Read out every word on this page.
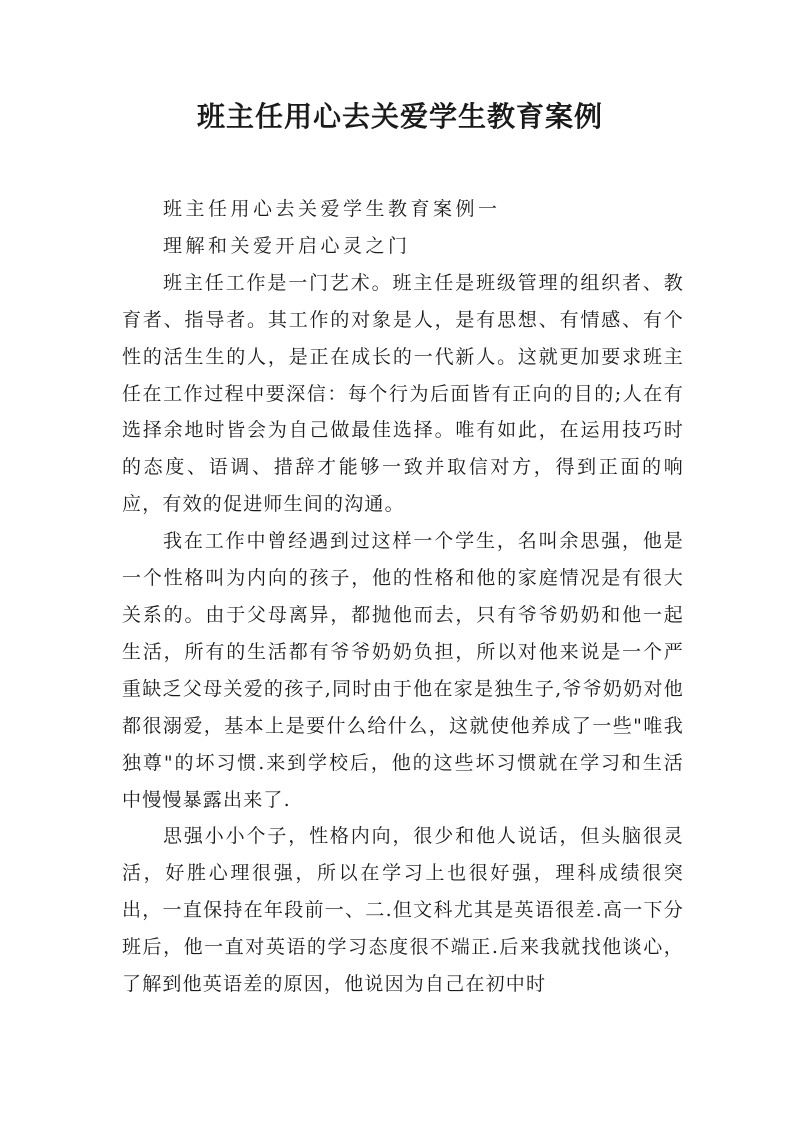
班主任用心去关爱学生教育案例

班主任用心去关爱学生教育案例一

理解和关爱开启心灵之门

班主任工作是一门艺术。班主任是班级管理的组织者、教育者、指导者。其工作的对象是人，是有思想、有情感、有个性的活生生的人，是正在成长的一代新人。这就更加要求班主任在工作过程中要深信：每个行为后面皆有正向的目的;人在有选择余地时皆会为自己做最佳选择。唯有如此，在运用技巧时的态度、语调、措辞才能够一致并取信对方，得到正面的响应，有效的促进师生间的沟通。

我在工作中曾经遇到过这样一个学生，名叫余思强，他是一个性格叫为内向的孩子，他的性格和他的家庭情况是有很大关系的。由于父母离异，都抛他而去，只有爷爷奶奶和他一起生活，所有的生活都有爷爷奶奶负担，所以对他来说是一个严重缺乏父母关爱的孩子,同时由于他在家是独生子,爷爷奶奶对他都很溺爱，基本上是要什么给什么，这就使他养成了一些"唯我独尊"的坏习惯.来到学校后，他的这些坏习惯就在学习和生活中慢慢暴露出来了.

思强小小个子，性格内向，很少和他人说话，但头脑很灵活，好胜心理很强，所以在学习上也很好强，理科成绩很突出，一直保持在年段前一、二.但文科尤其是英语很差.高一下分班后，他一直对英语的学习态度很不端正.后来我就找他谈心，了解到他英语差的原因，他说因为自己在初中时
